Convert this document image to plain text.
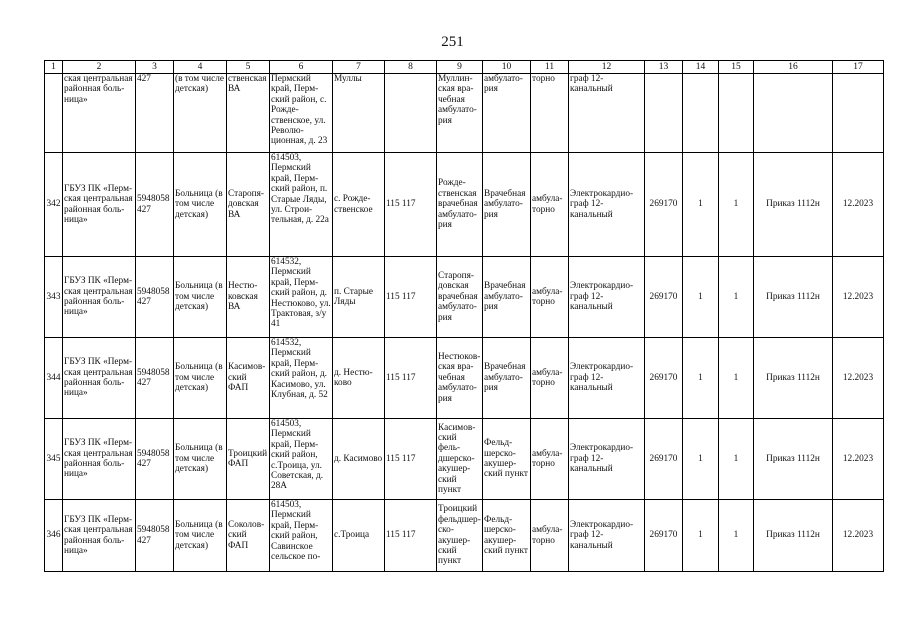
251
1	2	3	4	5	6	7	8	9	10	11	12	13	14	15	16	17
	ская центральная районная боль- ница»	427	(в том числе детская)	ственская ВА	Пермский край, Перм- ский район, с. Рожде- ственское, ул. Револю- ционная, д. 23	Муллы		Муллин- ская вра- чебная амбулато- рия	амбулато- рия	торно	граф 12- канальный					
342	ГБУЗ ПК «Перм- ская центральная районная боль- ница»	5948058 427	Больница (в том числе детская)	Старопя- довская ВА	614503, Пермский край, Перм- ский район, п. Старые Ляды, ул. Строи- тельная, д. 22а	с. Рожде- ственское	115 117	Рожде- ственская врачебная амбулато- рия	Врачебная амбулато- рия	амбула- торно	Электрокардио- граф 12- канальный	269170	1	1	Приказ 1112н	12.2023
343	ГБУЗ ПК «Перм- ская центральная районная боль- ница»	5948058 427	Больница (в том числе детская)	Нестю- ковская ВА	614532, Пермский край, Перм- ский район, д. Нестюково, ул. Трактовая, з/у 41	п. Старые Ляды	115 117	Старопя- довская врачебная амбулато- рия	Врачебная амбулато- рия	амбула- торно	Электрокардио- граф 12- канальный	269170	1	1	Приказ 1112н	12.2023
344	ГБУЗ ПК «Перм- ская центральная районная боль- ница»	5948058 427	Больница (в том числе детская)	Касимов- ский ФАП	614532, Пермский край, Перм- ский район, д. Касимово, ул. Клубная, д. 52	д. Нестю- ково	115 117	Нестюков- ская вра- чебная амбулато- рия	Врачебная амбулато- рия	амбула- торно	Электрокардио- граф 12- канальный	269170	1	1	Приказ 1112н	12.2023
345	ГБУЗ ПК «Перм- ская центральная районная боль- ница»	5948058 427	Больница (в том числе детская)	Троицкий ФАП	614503, Пермский край, Перм- ский район, с.Троица, ул. Советская, д. 28А	д. Касимово	115 117	Касимов- ский фель- дшерско- акушер- ский пункт	Фельд- шерско- акушер- ский пункт	амбула- торно	Электрокардио- граф 12- канальный	269170	1	1	Приказ 1112н	12.2023
346	ГБУЗ ПК «Перм- ская центральная районная боль- ница»	5948058 427	Больница (в том числе детская)	Соколов- ский ФАП	614503, Пермский край, Перм- ский район, Савинское сельское по-	с.Троица	115 117	Троицкий фельдшер- ско- акушер- ский пункт	Фельд- шерско- акушер- ский пункт	амбула- торно	Электрокардио- граф 12- канальный	269170	1	1	Приказ 1112н	12.2023
